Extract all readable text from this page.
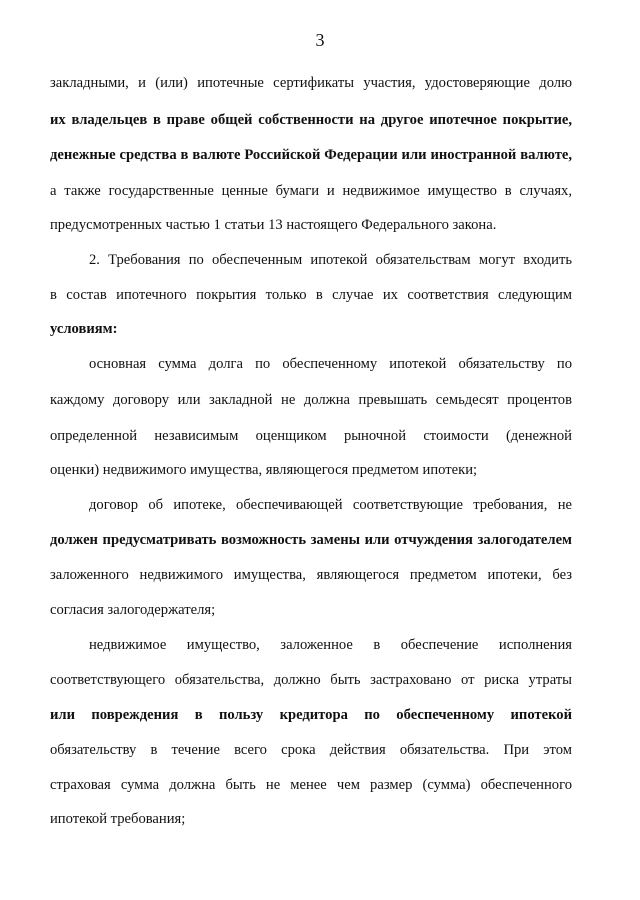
3
закладными, и (или) ипотечные сертификаты участия, удостоверяющие долю
их владельцев в праве общей собственности на другое ипотечное покрытие,
денежные средства в валюте Российской Федерации или иностранной валюте,
а также государственные ценные бумаги и недвижимое имущество в случаях,
предусмотренных частью 1 статьи 13 настоящего Федерального закона.
2. Требования по обеспеченным ипотекой обязательствам могут входить
в состав ипотечного покрытия только в случае их соответствия следующим
условиям:
основная сумма долга по обеспеченному ипотекой обязательству по
каждому договору или закладной не должна превышать семьдесят процентов
определенной независимым оценщиком рыночной стоимости (денежной
оценки) недвижимого имущества, являющегося предметом ипотеки;
договор об ипотеке, обеспечивающей соответствующие требования, не
должен предусматривать возможность замены или отчуждения залогодателем
заложенного недвижимого имущества, являющегося предметом ипотеки, без
согласия залогодержателя;
недвижимое имущество, заложенное в обеспечение исполнения
соответствующего обязательства, должно быть застраховано от риска утраты
или повреждения в пользу кредитора по обеспеченному ипотекой
обязательству в течение всего срока действия обязательства. При этом
страховая сумма должна быть не менее чем размер (сумма) обеспеченного
ипотекой требования;
